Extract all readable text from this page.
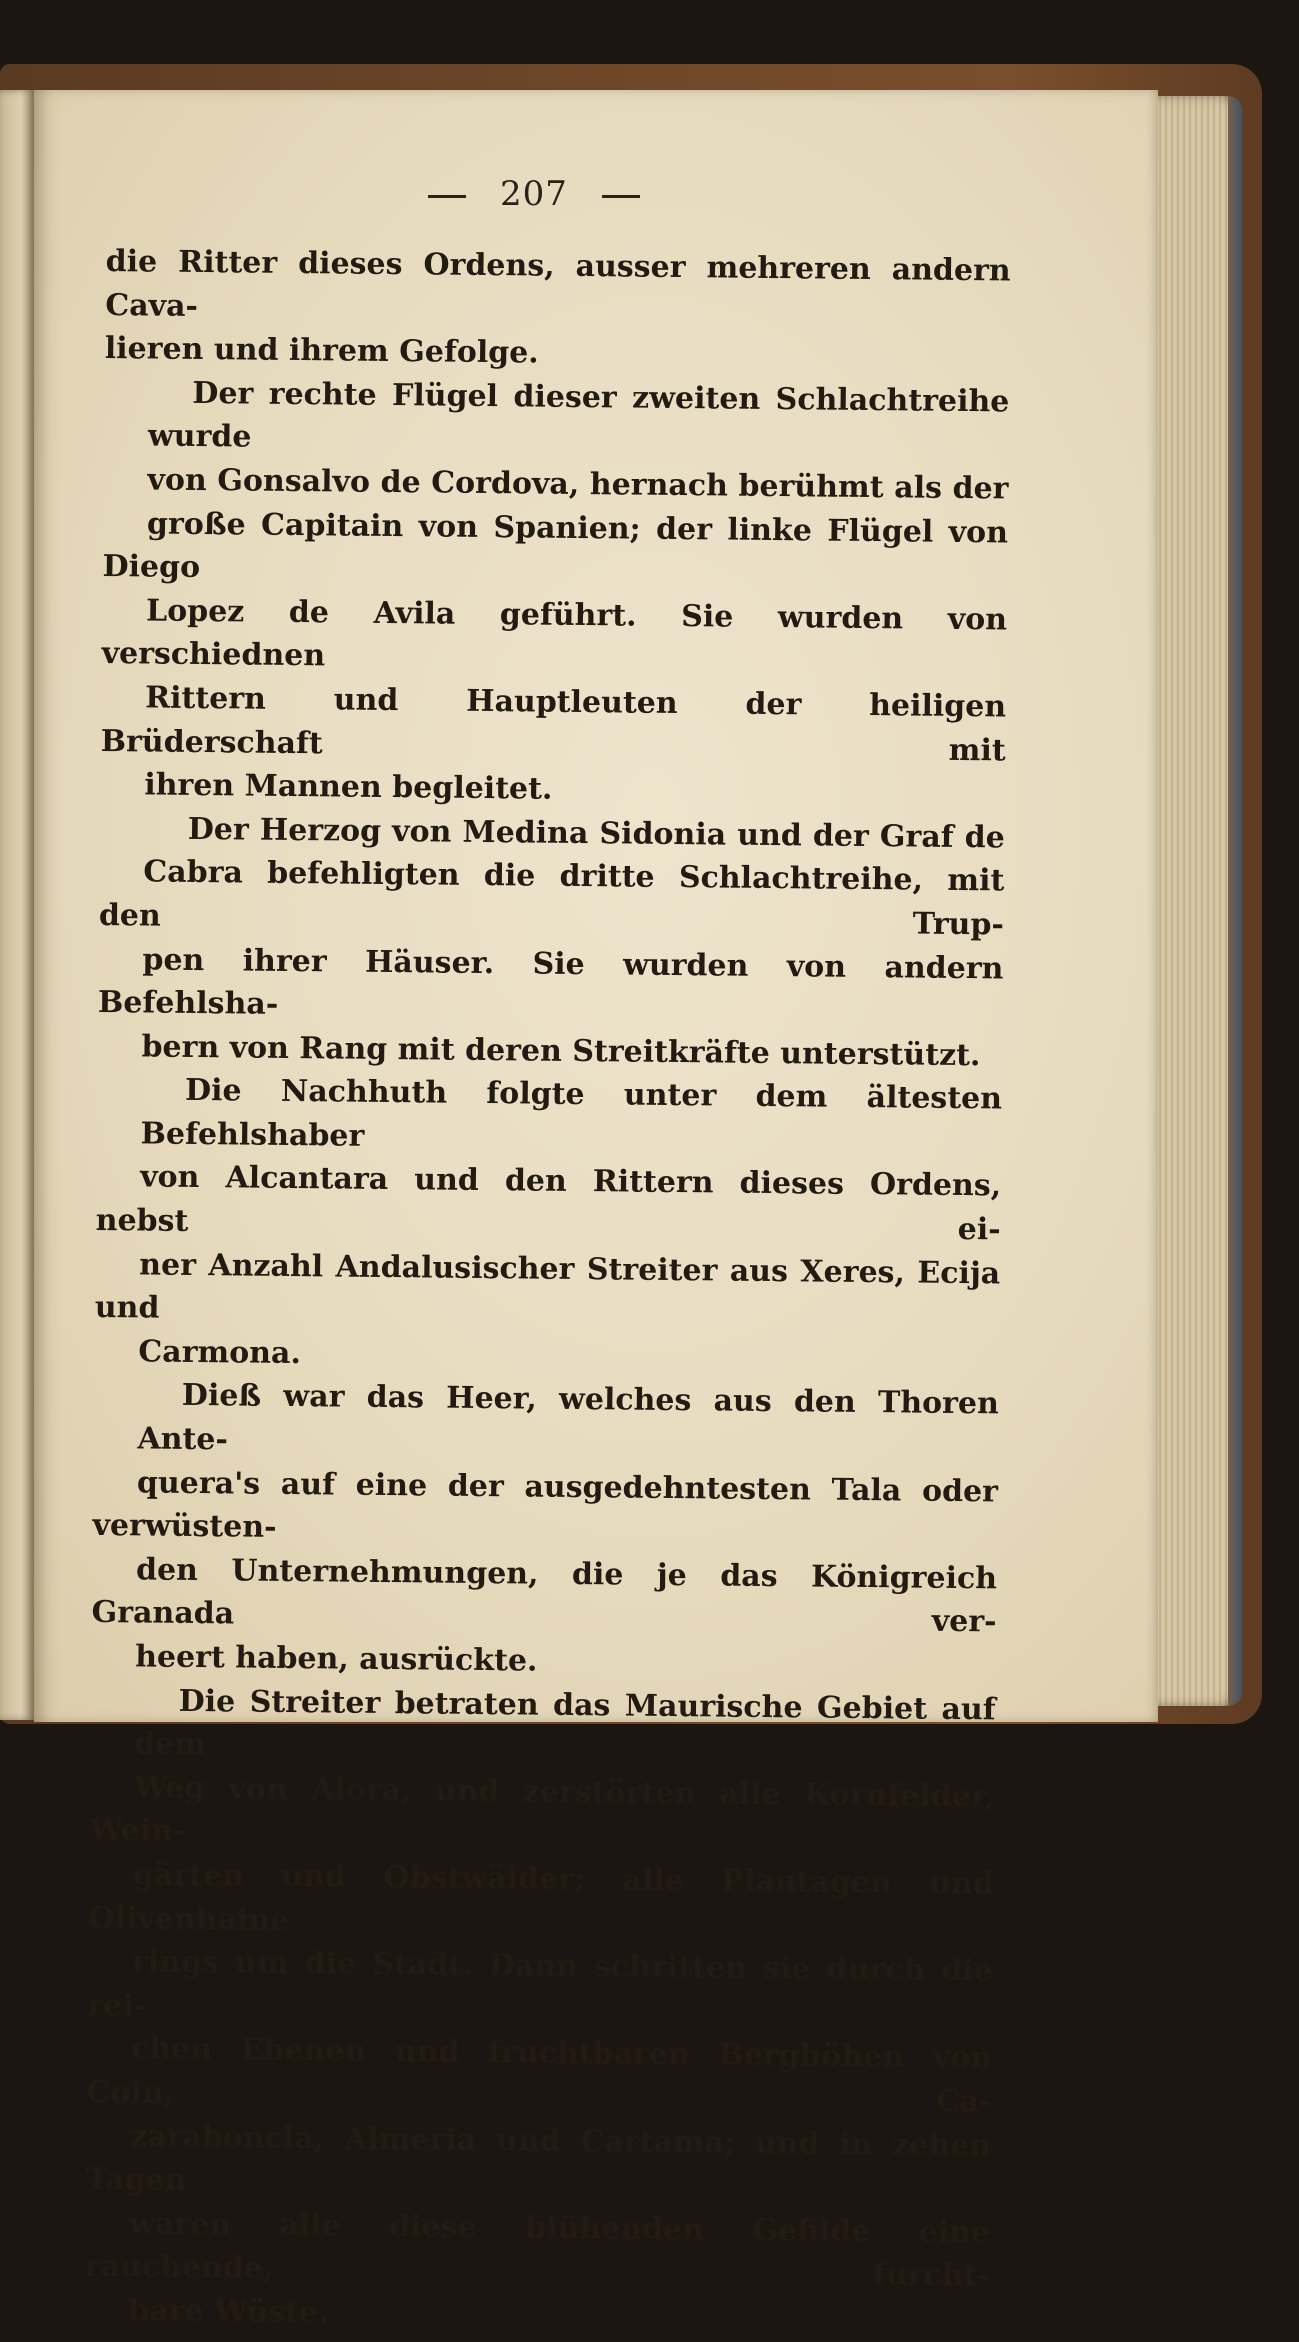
207
die Ritter dieses Ordens, ausser mehreren andern Cava-
lieren und ihrem Gefolge.
Der rechte Flügel dieser zweiten Schlachtreihe wurde
von Gonsalvo de Cordova, hernach berühmt als der
große Capitain von Spanien; der linke Flügel von Diego
Lopez de Avila geführt. Sie wurden von verschiednen
Rittern und Hauptleuten der heiligen Brüderschaft mit
ihren Mannen begleitet.
Der Herzog von Medina Sidonia und der Graf de
Cabra befehligten die dritte Schlachtreihe, mit den Trup-
pen ihrer Häuser. Sie wurden von andern Befehlsha-
bern von Rang mit deren Streitkräfte unterstützt.
Die Nachhuth folgte unter dem ältesten Befehlshaber
von Alcantara und den Rittern dieses Ordens, nebst ei-
ner Anzahl Andalusischer Streiter aus Xeres, Ecija und
Carmona.
Dieß war das Heer, welches aus den Thoren Ante-
quera's auf eine der ausgedehntesten Tala oder verwüsten-
den Unternehmungen, die je das Königreich Granada ver-
heert haben, ausrückte.
Die Streiter betraten das Maurische Gebiet auf dem
Weg von Alora, und zerstörten alle Kornfelder, Wein-
gärten und Obstwälder; alle Plantagen und Olivenhaine
rings um die Stadt. Dann schritten sie durch die rei-
chen Ebenen und fruchtbaren Berghöhen von Coin, Ca-
zaraboncla, Almeria und Cartama; und in zehen Tagen
waren alle diese blühenden Gefilde eine rauchende, furcht-
bare Wüste.
